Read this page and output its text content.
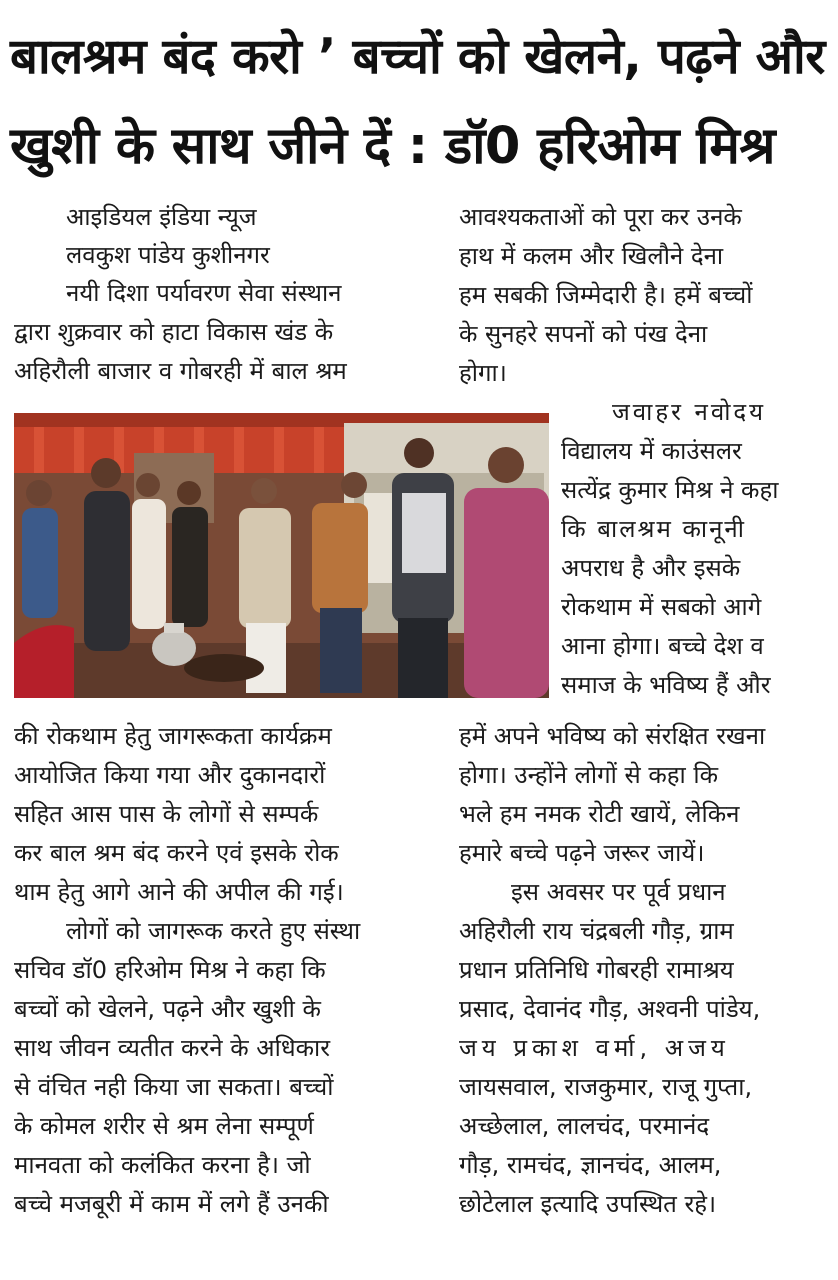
बालश्रम बंद करो ’ बच्चों को खेलने, पढ़ने और
खुशी के साथ जीने दें : डॉ0 हरिओम मिश्र
आइडियल इंडिया न्यूज
लवकुश पांडेय कुशीनगर
नयी दिशा पर्यावरण सेवा संस्थान
द्वारा शुक्रवार को हाटा विकास खंड के
अहिरौली बाजार व गोबरही में बाल श्रम
की रोकथाम हेतु जागरूकता कार्यक्रम
आयोजित किया गया और दुकानदारों
सहित आस पास के लोगों से सम्पर्क
कर बाल श्रम बंद करने एवं इसके रोक
थाम हेतु आगे आने की अपील की गई।
लोगों को जागरूक करते हुए संस्था
सचिव डॉ0 हरिओम मिश्र ने कहा कि
बच्चों को खेलने, पढ़ने और खुशी के
साथ जीवन व्यतीत करने के अधिकार
से वंचित नही किया जा सकता। बच्चों
के कोमल शरीर से श्रम लेना सम्पूर्ण
मानवता को कलंकित करना है। जो
बच्चे मजबूरी में काम में लगे हैं उनकी
आवश्यकताओं को पूरा कर उनके
हाथ में कलम और खिलौने देना
हम सबकी जिम्मेदारी है। हमें बच्चों
के सुनहरे सपनों को पंख देना
होगा।
जवाहर नवोदय
विद्यालय में काउंसलर
सत्येंद्र कुमार मिश्र ने कहा
कि बालश्रम कानूनी
अपराध है और इसके
रोकथाम में सबको आगे
आना होगा। बच्चे देश व
समाज के भविष्य हैं और
हमें अपने भविष्य को संरक्षित रखना
होगा। उन्होंने लोगों से कहा कि
भले हम नमक रोटी खायें, लेकिन
हमारे बच्चे पढ़ने जरूर जायें।
इस अवसर पर पूर्व प्रधान
अहिरौली राय चंद्रबली गौड़, ग्राम
प्रधान प्रतिनिधि गोबरही रामाश्रय
प्रसाद, देवानंद गौड़, अश्वनी पांडेय,
जय प्रकाश वर्मा, अजय
जायसवाल, राजकुमार, राजू गुप्ता,
अच्छेलाल, लालचंद, परमानंद
गौड़, रामचंद, ज्ञानचंद, आलम,
छोटेलाल इत्यादि उपस्थित रहे।
